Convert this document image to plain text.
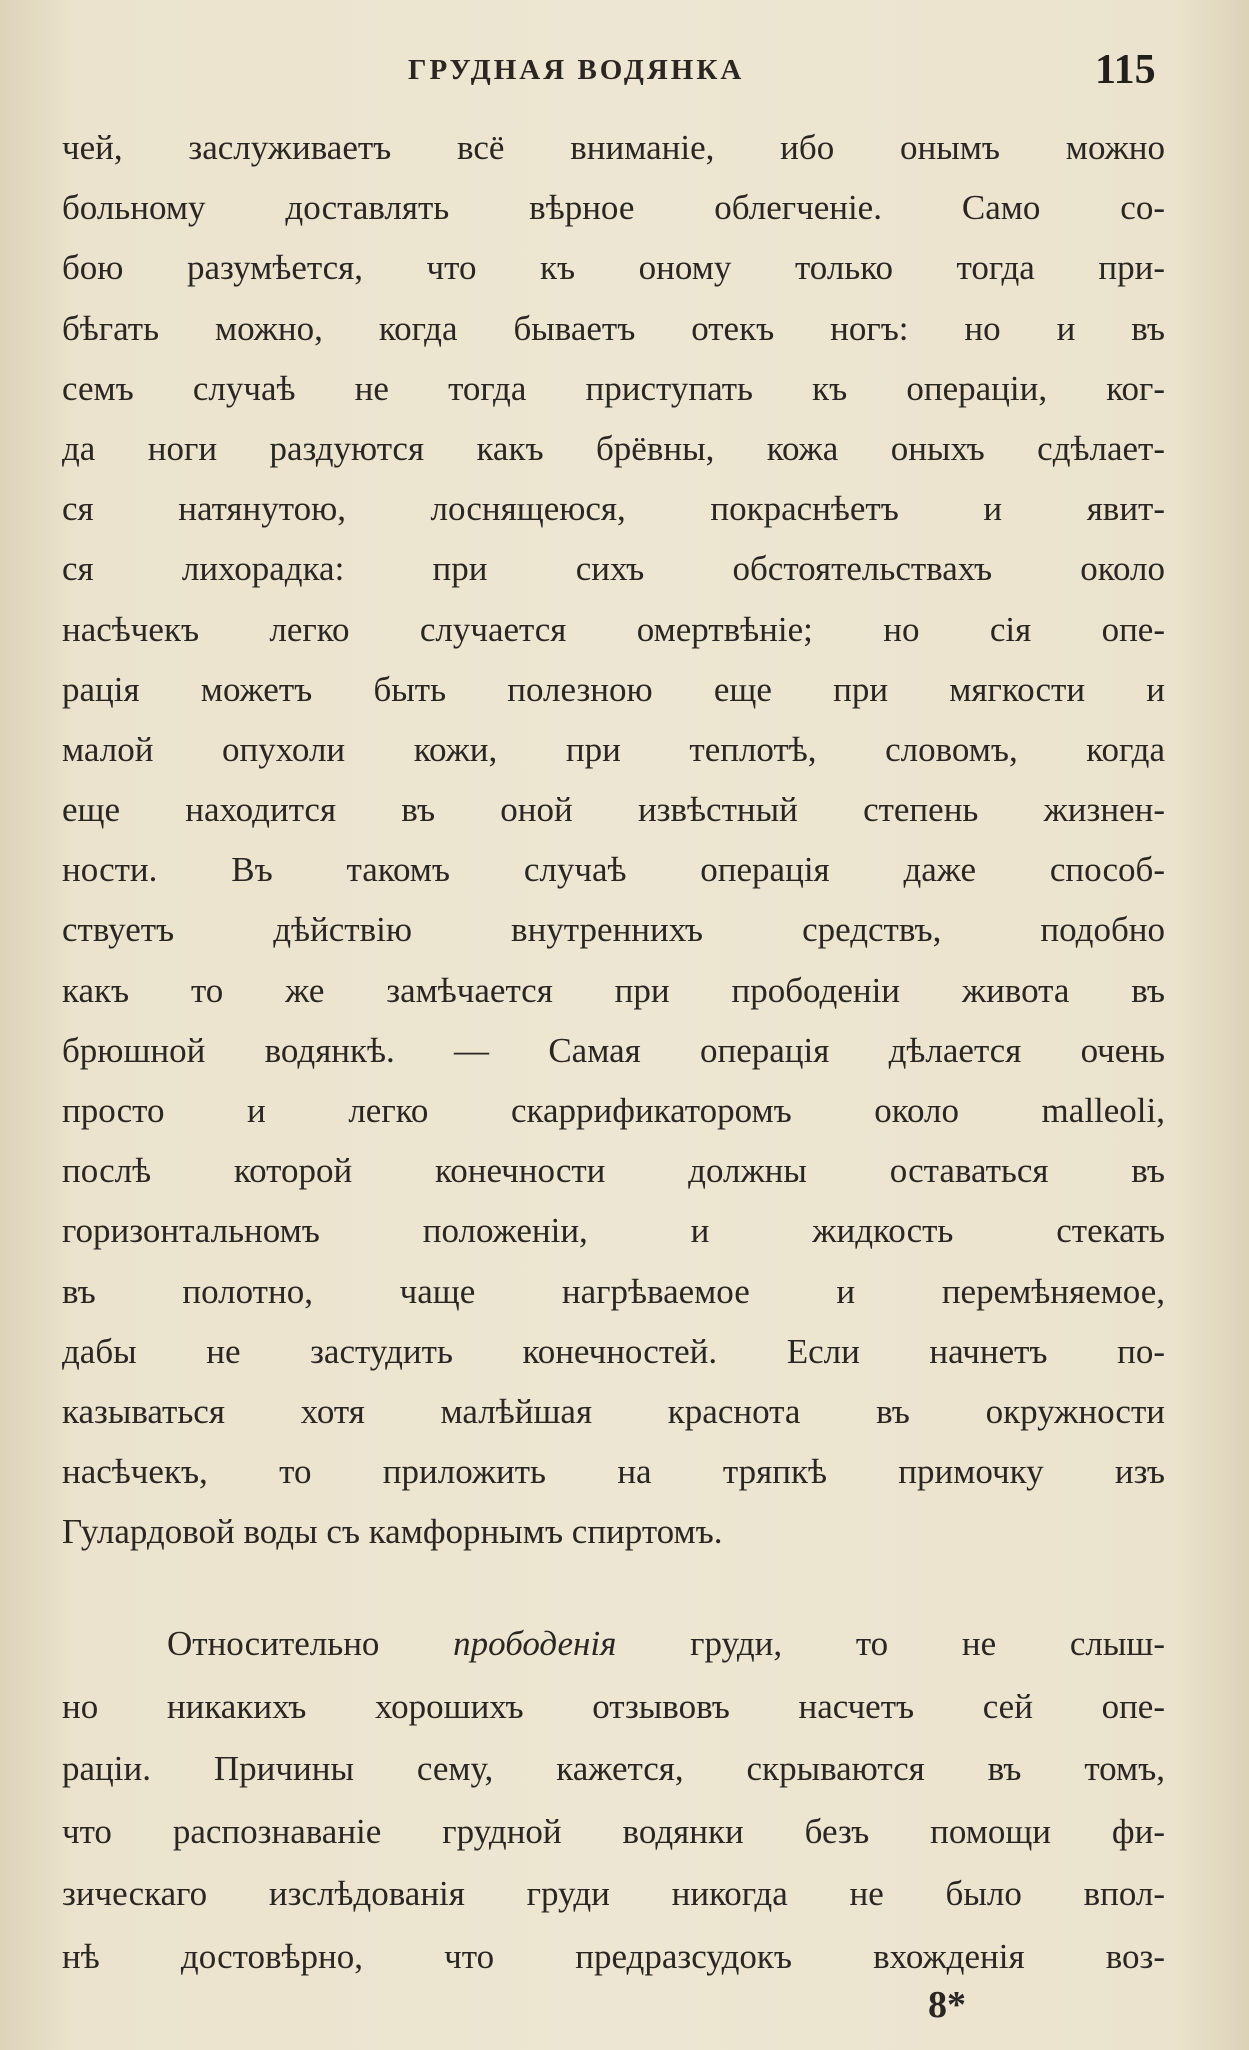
ГРУДНАЯ ВОДЯНКА	115
чей, заслуживаетъ всё вниманіе, ибо онымъ можно
больному доставлять вѣрное облегченіе. Само со-
бою разумѣется, что къ оному только тогда при-
бѣгать можно, когда бываетъ отекъ ногъ: но и въ
семъ случаѣ не тогда приступать къ операціи, ког-
да ноги раздуются какъ брёвны, кожа оныхъ сдѣлает-
ся натянутою, лоснящеюся, покраснѣетъ и явит-
ся лихорадка: при сихъ обстоятельствахъ около
насѣчекъ легко случается омертвѣніе; но сія опе-
рація можетъ быть полезною еще при мягкости и
малой опухоли кожи, при теплотѣ, словомъ, когда
еще находится въ оной извѣстный степень жизнен-
ности. Въ такомъ случаѣ операція даже способ-
ствуетъ дѣйствію внутреннихъ средствъ, подобно
какъ то же замѣчается при прободеніи живота въ
брюшной водянкѣ. — Самая операція дѣлается очень
просто и легко скаррификаторомъ около malleoli,
послѣ которой конечности должны оставаться въ
горизонтальномъ положеніи, и жидкость стекать
въ полотно, чаще нагрѣваемое и перемѣняемое,
дабы не застудить конечностей. Если начнетъ по-
казываться хотя малѣйшая краснота въ окружности
насѣчекъ, то приложить на тряпкѣ примочку изъ
Гулардовой воды съ камфорнымъ спиртомъ.
Относительно прободенія груди, то не слыш-
но никакихъ хорошихъ отзывовъ насчетъ сей опе-
раціи. Причины сему, кажется, скрываются въ томъ,
что распознаваніе грудной водянки безъ помощи фи-
зическаго изслѣдованія груди никогда не было впол-
нѣ достовѣрно, что предразсудокъ вхожденія воз-
8*
